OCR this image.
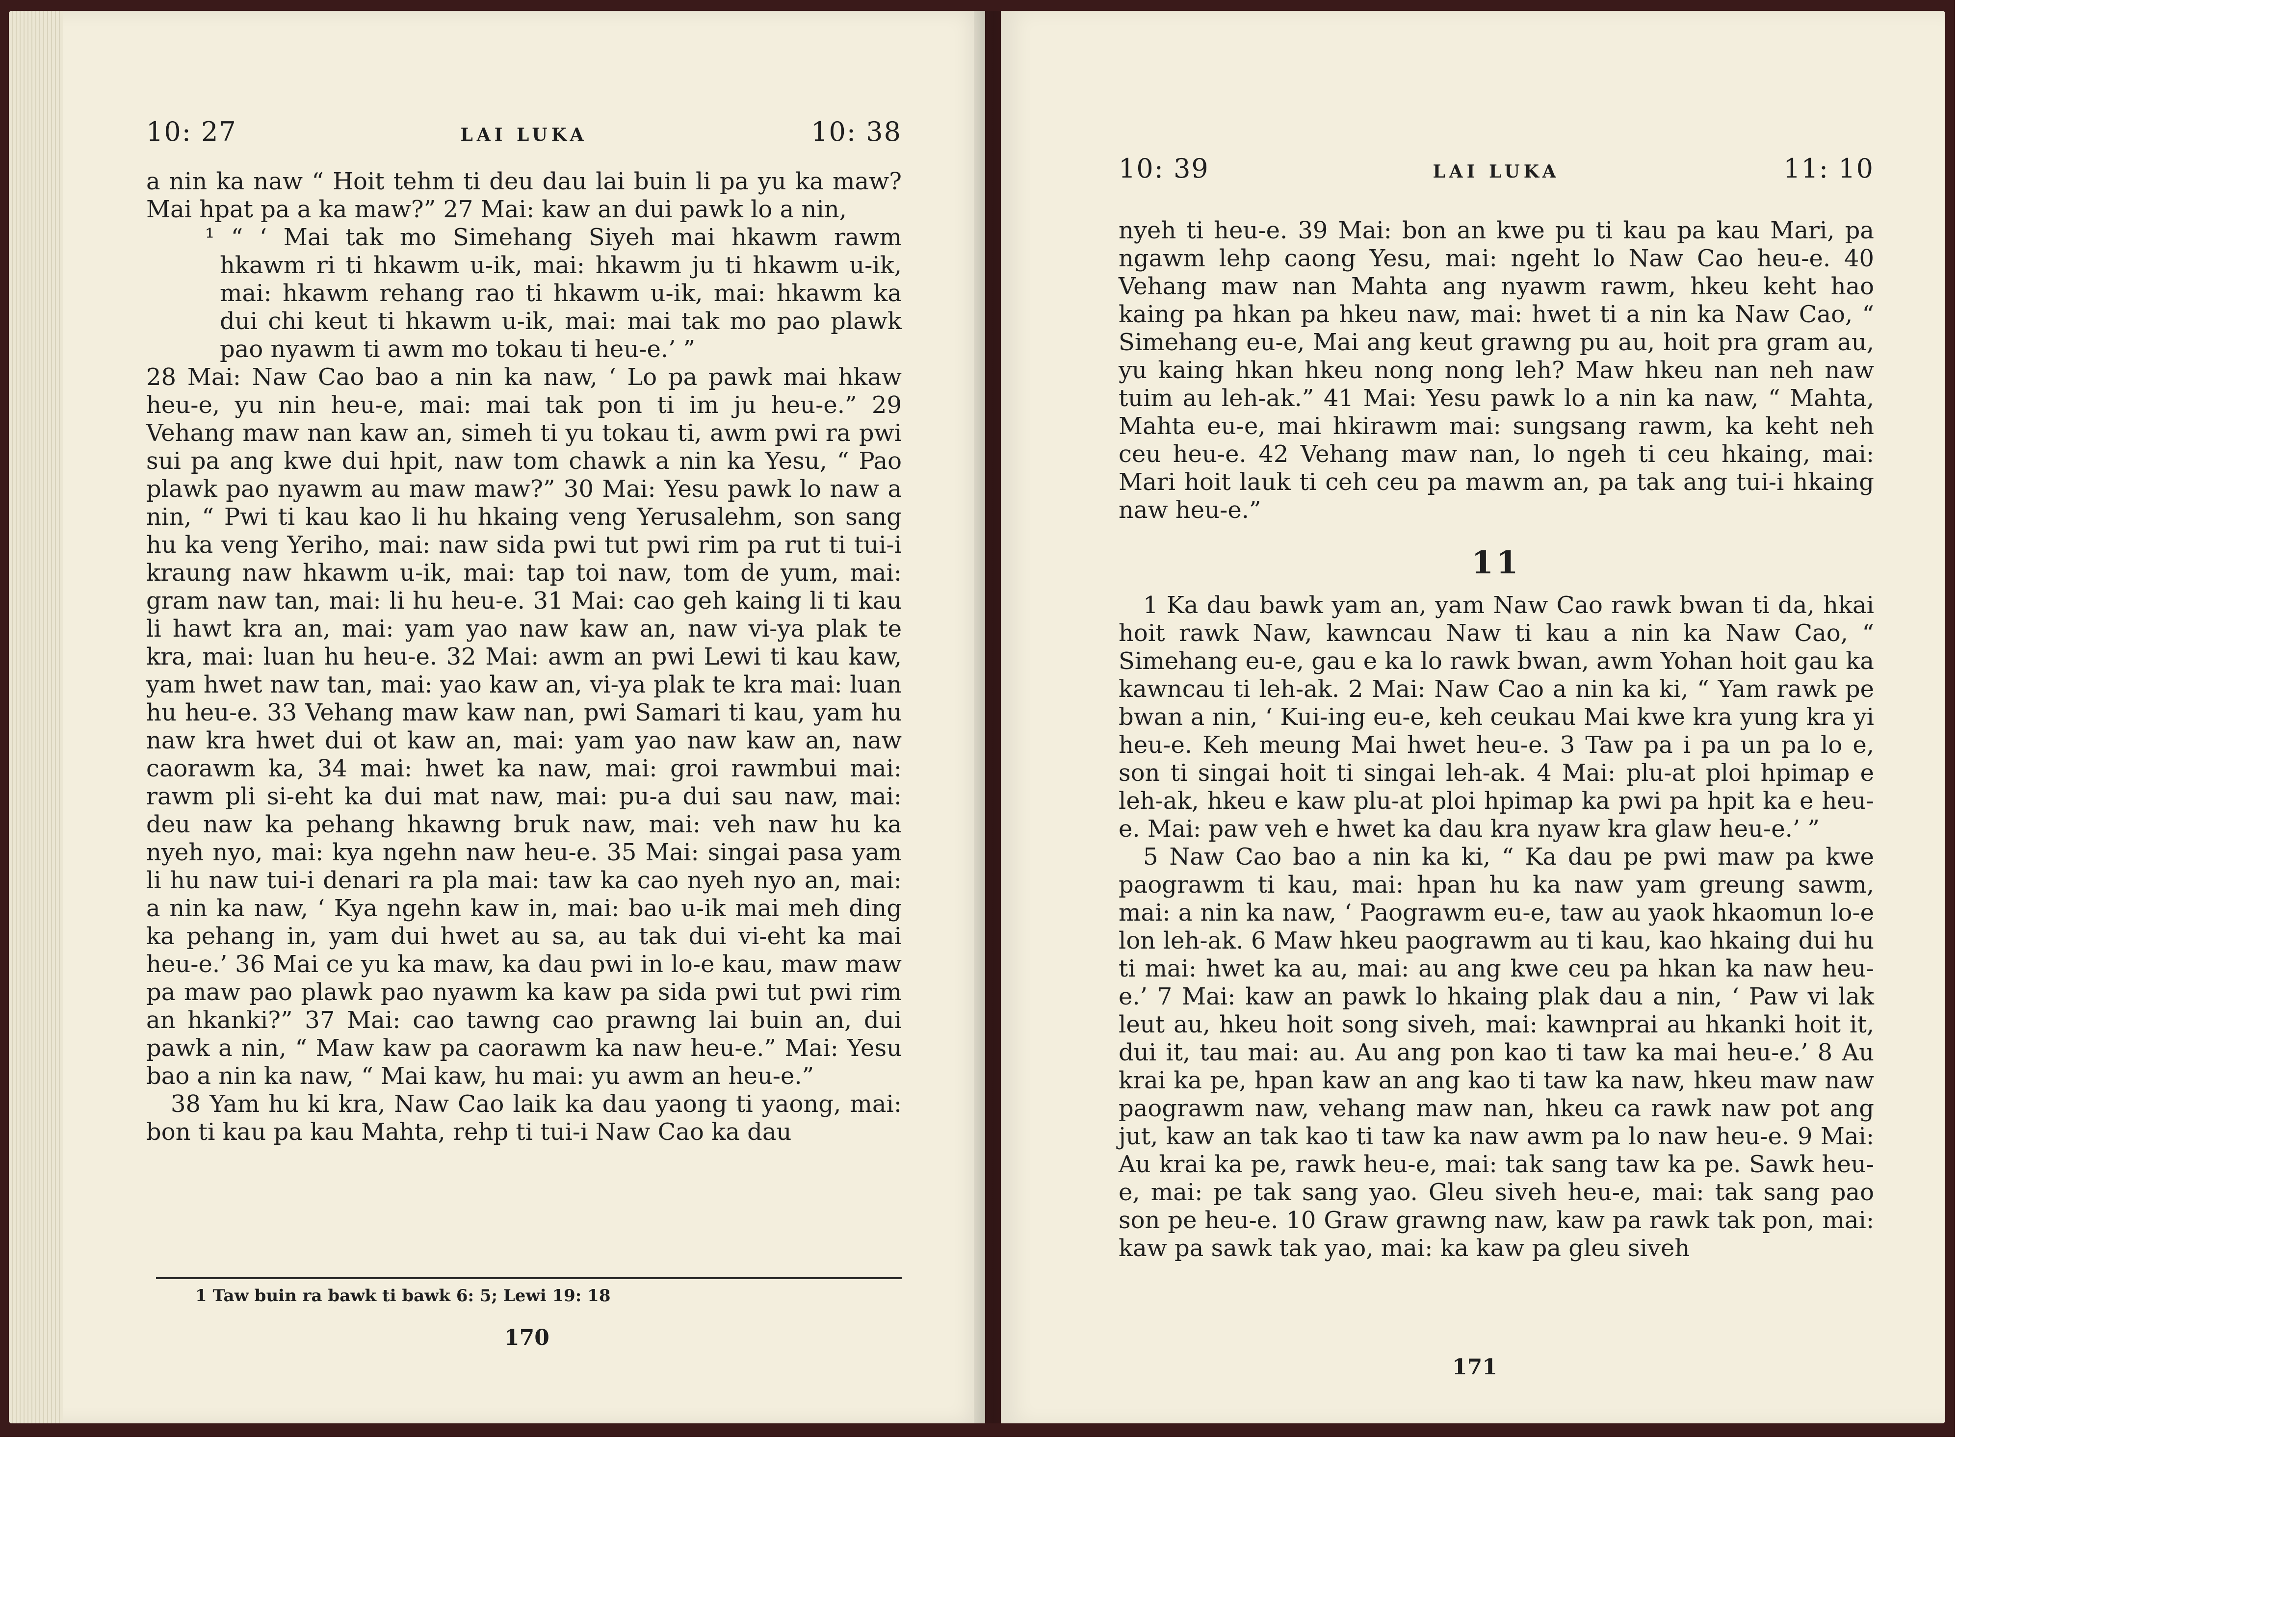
10: 27	LAI LUKA	10: 38

a nin ka naw “ Hoit tehm ti deu dau lai buin li pa yu ka maw? Mai hpat pa a ka maw?” 27 Mai: kaw an dui pawk lo a nin,

¹ “ ‘ Mai tak mo Simehang Siyeh mai hkawm rawm hkawm ri ti hkawm u-ik, mai: hkawm ju ti hkawm u-ik, mai: hkawm rehang rao ti hkawm u-ik, mai: hkawm ka dui chi keut ti hkawm u-ik, mai: mai tak mo pao plawk pao nyawm ti awm mo tokau ti heu-e.’ ”

28 Mai: Naw Cao bao a nin ka naw, ‘ Lo pa pawk mai hkaw heu-e, yu nin heu-e, mai: mai tak pon ti im ju heu-e.” 29 Vehang maw nan kaw an, simeh ti yu tokau ti, awm pwi ra pwi sui pa ang kwe dui hpit, naw tom chawk a nin ka Yesu, “ Pao plawk pao nyawm au maw maw?” 30 Mai: Yesu pawk lo naw a nin, “ Pwi ti kau kao li hu hkaing veng Yerusalehm, son sang hu ka veng Yeriho, mai: naw sida pwi tut pwi rim pa rut ti tui-i kraung naw hkawm u-ik, mai: tap toi naw, tom de yum, mai: gram naw tan, mai: li hu heu-e. 31 Mai: cao geh kaing li ti kau li hawt kra an, mai: yam yao naw kaw an, naw vi-ya plak te kra, mai: luan hu heu-e. 32 Mai: awm an pwi Lewi ti kau kaw, yam hwet naw tan, mai: yao kaw an, vi-ya plak te kra mai: luan hu heu-e. 33 Vehang maw kaw nan, pwi Samari ti kau, yam hu naw kra hwet dui ot kaw an, mai: yam yao naw kaw an, naw caorawm ka, 34 mai: hwet ka naw, mai: groi rawmbui mai: rawm pli si-eht ka dui mat naw, mai: pu-a dui sau naw, mai: deu naw ka pehang hkawng bruk naw, mai: veh naw hu ka nyeh nyo, mai: kya ngehn naw heu-e. 35 Mai: singai pasa yam li hu naw tui-i denari ra pla mai: taw ka cao nyeh nyo an, mai: a nin ka naw, ‘ Kya ngehn kaw in, mai: bao u-ik mai meh ding ka pehang in, yam dui hwet au sa, au tak dui vi-eht ka mai heu-e.’ 36 Mai ce yu ka maw, ka dau pwi in lo-e kau, maw maw pa maw pao plawk pao nyawm ka kaw pa sida pwi tut pwi rim an hkanki?” 37 Mai: cao tawng cao prawng lai buin an, dui pawk a nin, “ Maw kaw pa caorawm ka naw heu-e.” Mai: Yesu bao a nin ka naw, “ Mai kaw, hu mai: yu awm an heu-e.”

38 Yam hu ki kra, Naw Cao laik ka dau yaong ti yaong, mai: bon ti kau pa kau Mahta, rehp ti tui-i Naw Cao ka dau

1 Taw buin ra bawk ti bawk 6: 5; Lewi 19: 18
170
10: 39	LAI LUKA	11: 10

nyeh ti heu-e. 39 Mai: bon an kwe pu ti kau pa kau Mari, pa ngawm lehp caong Yesu, mai: ngeht lo Naw Cao heu-e. 40 Vehang maw nan Mahta ang nyawm rawm, hkeu keht hao kaing pa hkan pa hkeu naw, mai: hwet ti a nin ka Naw Cao, “ Simehang eu-e, Mai ang keut grawng pu au, hoit pra gram au, yu kaing hkan hkeu nong nong leh? Maw hkeu nan neh naw tuim au leh-ak.” 41 Mai: Yesu pawk lo a nin ka naw, “ Mahta, Mahta eu-e, mai hkirawm mai: sungsang rawm, ka keht neh ceu heu-e. 42 Vehang maw nan, lo ngeh ti ceu hkaing, mai: Mari hoit lauk ti ceh ceu pa mawm an, pa tak ang tui-i hkaing naw heu-e.”

11

1 Ka dau bawk yam an, yam Naw Cao rawk bwan ti da, hkai hoit rawk Naw, kawncau Naw ti kau a nin ka Naw Cao, “ Simehang eu-e, gau e ka lo rawk bwan, awm Yohan hoit gau ka kawncau ti leh-ak. 2 Mai: Naw Cao a nin ka ki, “ Yam rawk pe bwan a nin, ‘ Kui-ing eu-e, keh ceukau Mai kwe kra yung kra yi heu-e. Keh meung Mai hwet heu-e. 3 Taw pa i pa un pa lo e, son ti singai hoit ti singai leh-ak. 4 Mai: plu-at ploi hpimap e leh-ak, hkeu e kaw plu-at ploi hpimap ka pwi pa hpit ka e heu-e. Mai: paw veh e hwet ka dau kra nyaw kra glaw heu-e.’ ”

5 Naw Cao bao a nin ka ki, “ Ka dau pe pwi maw pa kwe paograwm ti kau, mai: hpan hu ka naw yam greung sawm, mai: a nin ka naw, ‘ Paograwm eu-e, taw au yaok hkaomun lo-e lon leh-ak. 6 Maw hkeu paograwm au ti kau, kao hkaing dui hu ti mai: hwet ka au, mai: au ang kwe ceu pa hkan ka naw heu-e.’ 7 Mai: kaw an pawk lo hkaing plak dau a nin, ‘ Paw vi lak leut au, hkeu hoit song siveh, mai: kawnprai au hkanki hoit it, dui it, tau mai: au. Au ang pon kao ti taw ka mai heu-e.’ 8 Au krai ka pe, hpan kaw an ang kao ti taw ka naw, hkeu maw naw paograwm naw, vehang maw nan, hkeu ca rawk naw pot ang jut, kaw an tak kao ti taw ka naw awm pa lo naw heu-e. 9 Mai: Au krai ka pe, rawk heu-e, mai: tak sang taw ka pe. Sawk heu-e, mai: pe tak sang yao. Gleu siveh heu-e, mai: tak sang pao son pe heu-e. 10 Graw grawng naw, kaw pa rawk tak pon, mai: kaw pa sawk tak yao, mai: ka kaw pa gleu siveh

171
